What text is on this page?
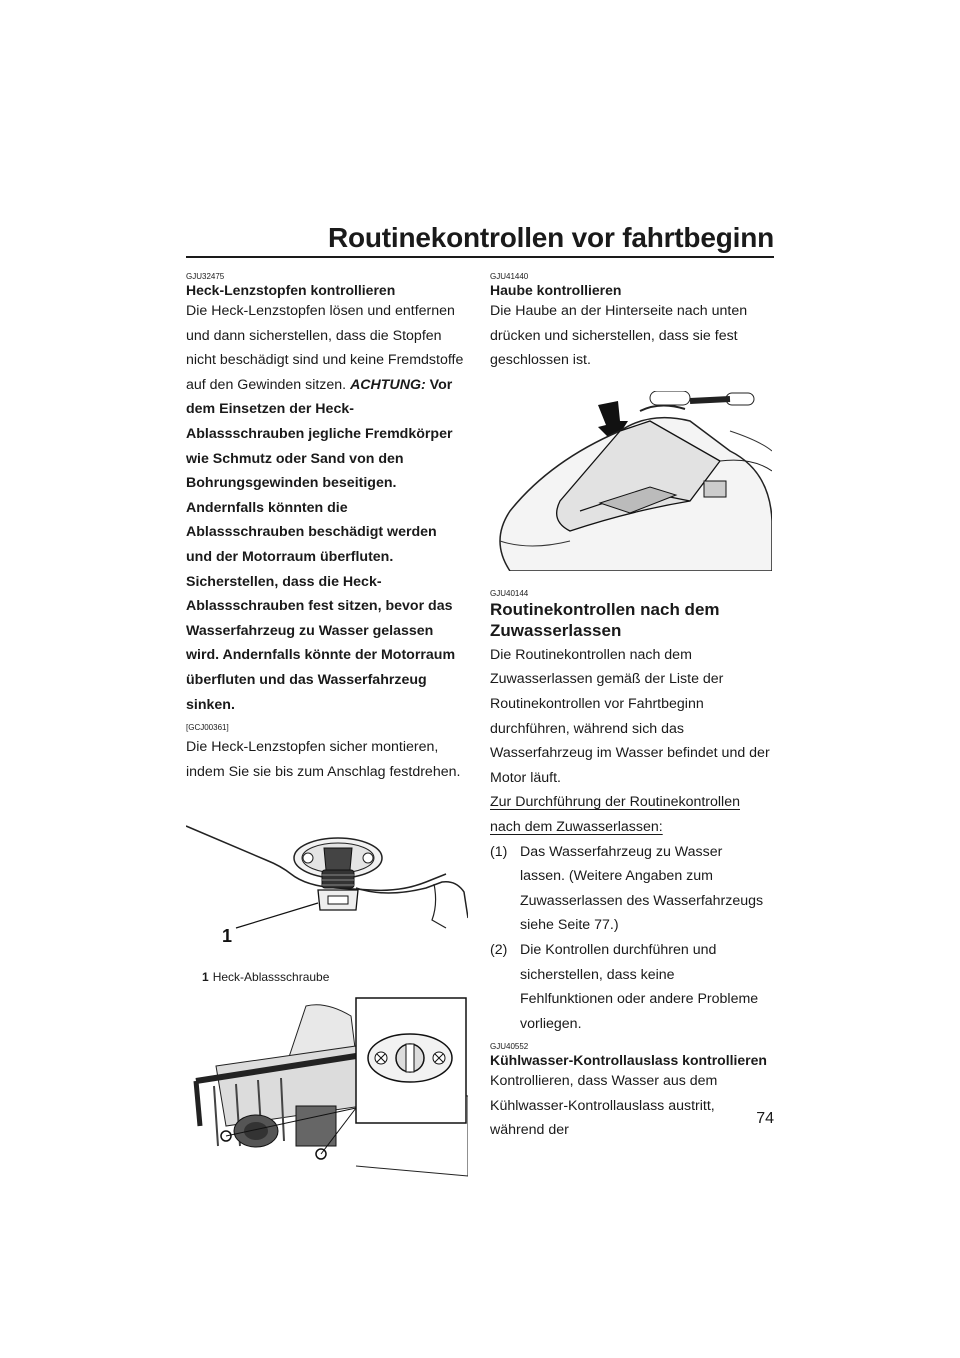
Routinekontrollen vor fahrtbeginn

GJU32475

Heck-Lenzstopfen kontrollieren

Die Heck-Lenzstopfen lösen und entfernen und dann sicherstellen, dass die Stopfen nicht beschädigt sind und keine Fremdstoffe auf den Gewinden sitzen. ACHTUNG: Vor dem Einsetzen der Heck-Ablassschrauben jegliche Fremdkörper wie Schmutz oder Sand von den Bohrungsgewinden beseitigen. Andernfalls könnten die Ablassschrauben beschädigt werden und der Motorraum überfluten. Sicherstellen, dass die Heck-Ablassschrauben fest sitzen, bevor das Wasserfahrzeug zu Wasser gelassen wird. Andernfalls könnte der Motorraum überfluten und das Wasserfahrzeug sinken.

[GCJ00361]

Die Heck-Lenzstopfen sicher montieren, indem Sie sie bis zum Anschlag festdrehen.

1
1 Heck-Ablassschraube

GJU41440

Haube kontrollieren

Die Haube an der Hinterseite nach unten drücken und sicherstellen, dass sie fest geschlossen ist.

GJU40144

Routinekontrollen nach dem Zuwasserlassen

Die Routinekontrollen nach dem Zuwasserlassen gemäß der Liste der Routinekontrollen vor Fahrtbeginn durchführen, während sich das Wasserfahrzeug im Wasser befindet und der Motor läuft.

Zur Durchführung der Routinekontrollen nach dem Zuwasserlassen:

(1) Das Wasserfahrzeug zu Wasser lassen. (Weitere Angaben zum Zuwasserlassen des Wasserfahrzeugs siehe Seite 77.)
(2) Die Kontrollen durchführen und sicherstellen, dass keine Fehlfunktionen oder andere Probleme vorliegen.

GJU40552

Kühlwasser-Kontrollauslass kontrollieren

Kontrollieren, dass Wasser aus dem Kühlwasser-Kontrollauslass austritt, während der

74
